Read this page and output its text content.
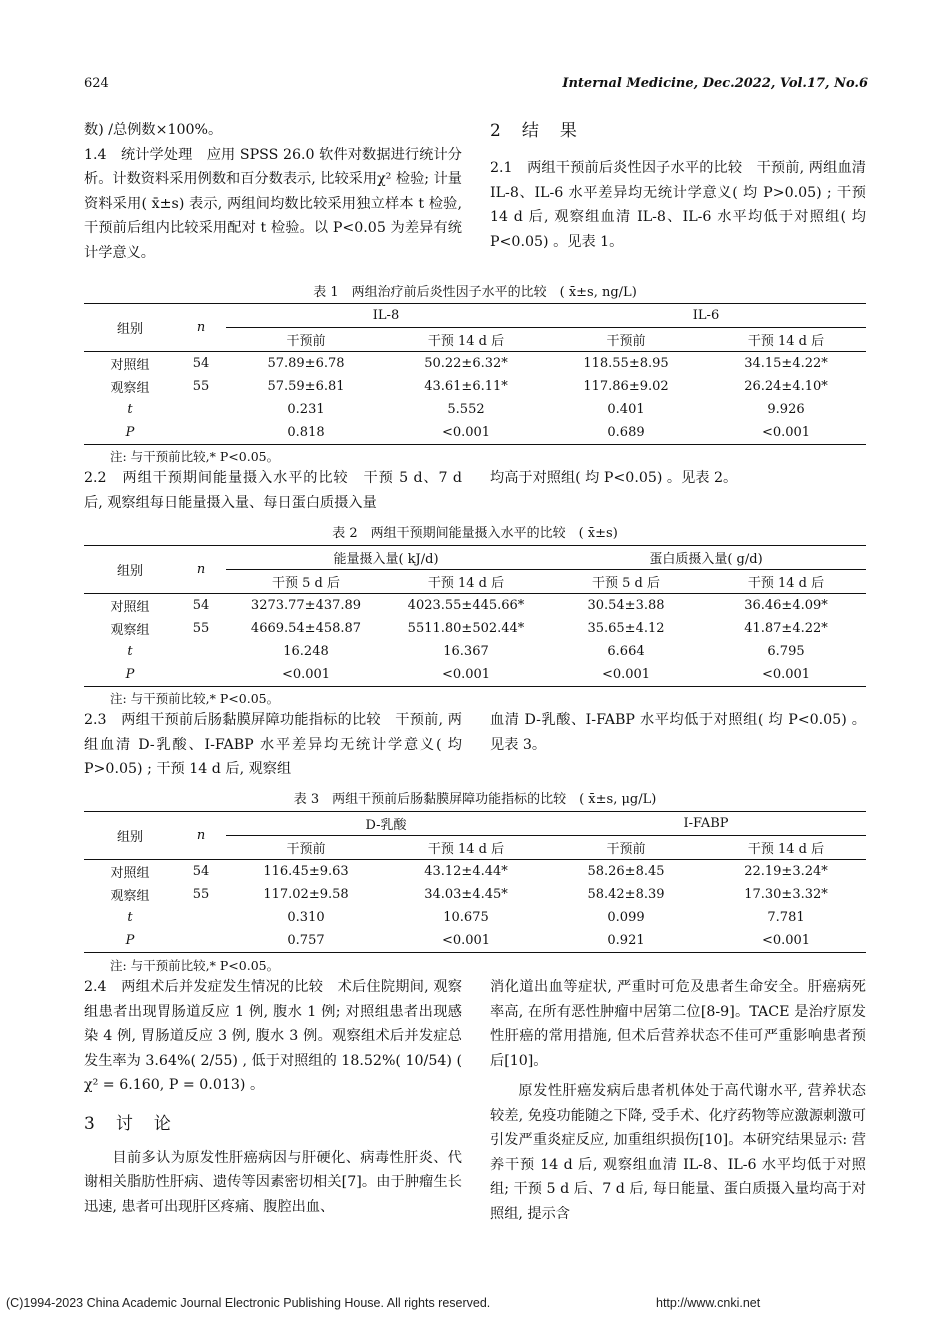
624	Internal Medicine, Dec.2022, Vol.17, No.6
数) /总例数×100%。
1.4　统计学处理　应用 SPSS 26.0 软件对数据进行统计分析。计数资料采用例数和百分数表示, 比较采用χ² 检验; 计量资料采用( x̄±s) 表示, 两组间均数比较采用独立样本 t 检验, 干预前后组内比较采用配对 t 检验。以 P<0.05 为差异有统计学意义。
2　结　果
2.1　两组干预前后炎性因子水平的比较　干预前, 两组血清 IL-8、IL-6 水平差异均无统计学意义( 均 P>0.05) ; 干预 14 d 后, 观察组血清 IL-8、IL-6 水平均低于对照组( 均 P<0.05) 。见表 1。
表 1　两组治疗前后炎性因子水平的比较　( x̄±s, ng/L)
组别	n	IL-8		IL-6	
		干预前	干预 14 d 后	干预前	干预 14 d 后
对照组	54	57.89±6.78	50.22±6.32*	118.55±8.95	34.15±4.22*
观察组	55	57.59±6.81	43.61±6.11*	117.86±9.02	26.24±4.10*
t		0.231	5.552	0.401	9.926
P		0.818	<0.001	0.689	<0.001
注: 与干预前比较,* P<0.05。
2.2　两组干预期间能量摄入水平的比较　干预 5 d、7 d 后, 观察组每日能量摄入量、每日蛋白质摄入量
均高于对照组( 均 P<0.05) 。见表 2。
表 2　两组干预期间能量摄入水平的比较　( x̄±s)
组别	n	能量摄入量( kJ/d)		蛋白质摄入量( g/d)	
		干预 5 d 后	干预 14 d 后	干预 5 d 后	干预 14 d 后
对照组	54	3273.77±437.89	4023.55±445.66*	30.54±3.88	36.46±4.09*
观察组	55	4669.54±458.87	5511.80±502.44*	35.65±4.12	41.87±4.22*
t		16.248	16.367	6.664	6.795
P		<0.001	<0.001	<0.001	<0.001
注: 与干预前比较,* P<0.05。
2.3　两组干预前后肠黏膜屏障功能指标的比较　干预前, 两组血清 D-乳酸、I-FABP 水平差异均无统计学意义( 均 P>0.05) ; 干预 14 d 后, 观察组
血清 D-乳酸、I-FABP 水平均低于对照组( 均 P<0.05) 。见表 3。
表 3　两组干预前后肠黏膜屏障功能指标的比较　( x̄±s, μg/L)
组别	n	D-乳酸		I-FABP	
		干预前	干预 14 d 后	干预前	干预 14 d 后
对照组	54	116.45±9.63	43.12±4.44*	58.26±8.45	22.19±3.24*
观察组	55	117.02±9.58	34.03±4.45*	58.42±8.39	17.30±3.32*
t		0.310	10.675	0.099	7.781
P		0.757	<0.001	0.921	<0.001
注: 与干预前比较,* P<0.05。
2.4　两组术后并发症发生情况的比较　术后住院期间, 观察组患者出现胃肠道反应 1 例, 腹水 1 例; 对照组患者出现感染 4 例, 胃肠道反应 3 例, 腹水 3 例。观察组术后并发症总发生率为 3.64%( 2/55) , 低于对照组的 18.52%( 10/54) ( χ² = 6.160, P = 0.013) 。
3　讨　论
目前多认为原发性肝癌病因与肝硬化、病毒性肝炎、代谢相关脂肪性肝病、遗传等因素密切相关[7]。由于肿瘤生长迅速, 患者可出现肝区疼痛、腹腔出血、
消化道出血等症状, 严重时可危及患者生命安全。肝癌病死率高, 在所有恶性肿瘤中居第二位[8-9]。TACE 是治疗原发性肝癌的常用措施, 但术后营养状态不佳可严重影响患者预后[10]。
原发性肝癌发病后患者机体处于高代谢水平, 营养状态较差, 免疫功能随之下降, 受手术、化疗药物等应激源刺激可引发严重炎症反应, 加重组织损伤[10]。本研究结果显示: 营养干预 14 d 后, 观察组血清 IL-8、IL-6 水平均低于对照组; 干预 5 d 后、7 d 后, 每日能量、蛋白质摄入量均高于对照组, 提示含
(C)1994-2023 China Academic Journal Electronic Publishing House. All rights reserved.	http://www.cnki.net
